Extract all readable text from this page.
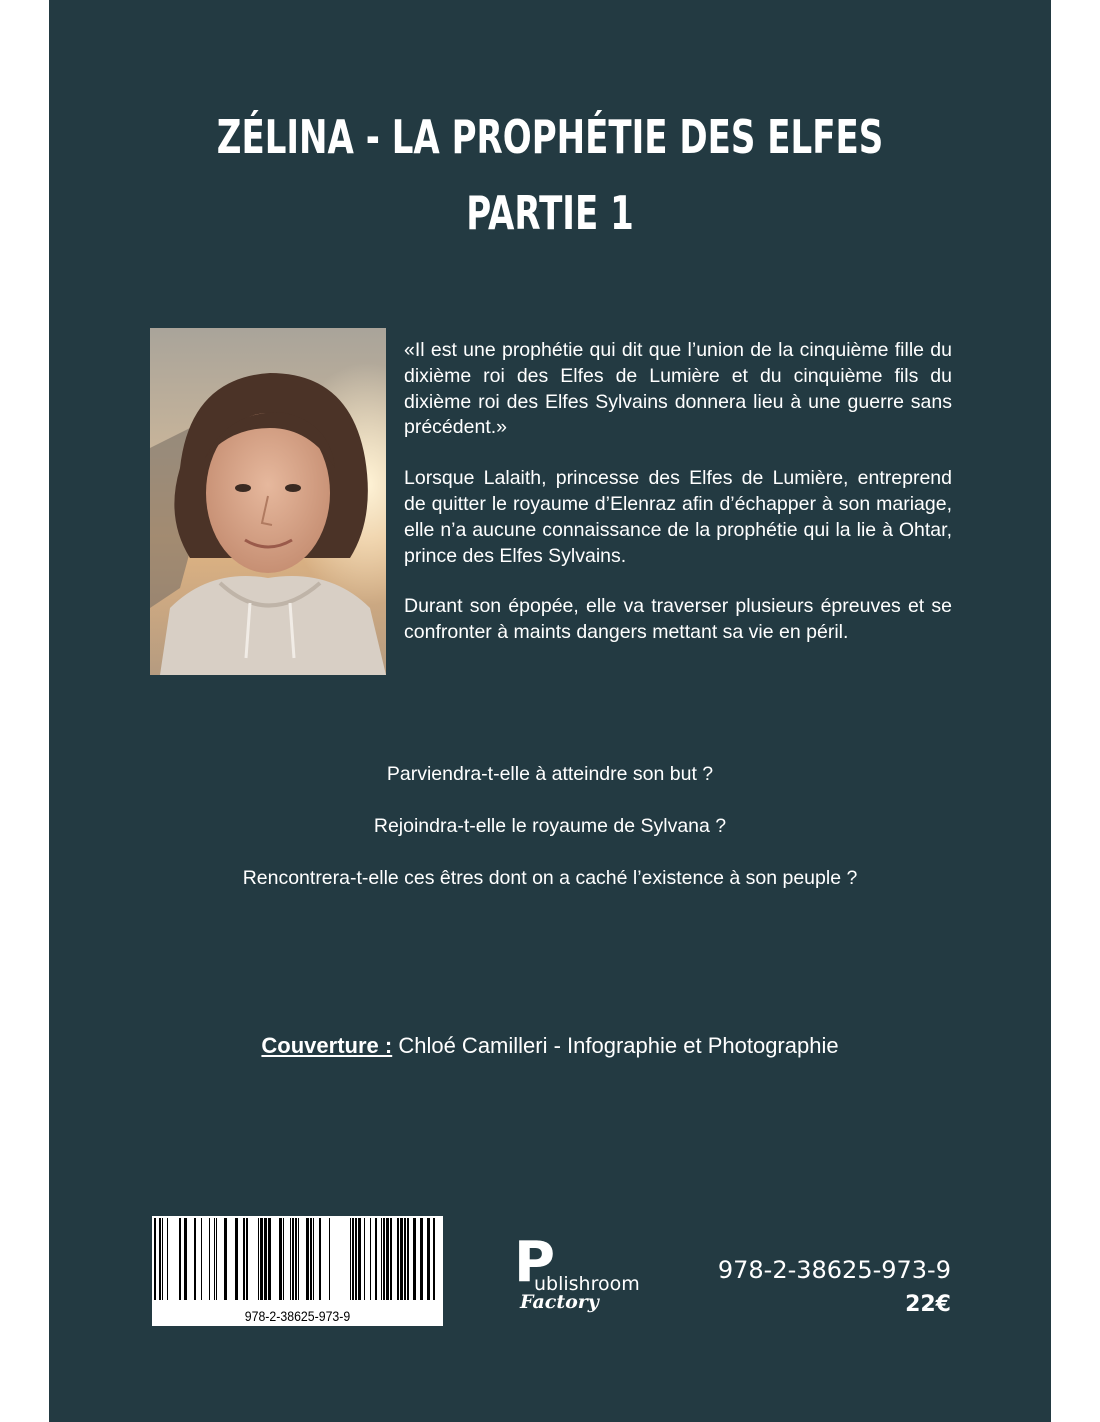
ZÉLINA - LA PROPHÉTIE DES ELFES
PARTIE 1

«Il est une prophétie qui dit que l’union de la cinquième fille du dixième roi des Elfes de Lumière et du cinquième fils du dixième roi des Elfes Sylvains donnera lieu à une guerre sans précédent.»

Lorsque Lalaith, princesse des Elfes de Lumière, entreprend de quitter le royaume d’Elenraz afin d’échapper à son mariage, elle n’a aucune connaissance de la prophétie qui la lie à Ohtar, prince des Elfes Sylvains.

Durant son épopée, elle va traverser plusieurs épreuves et se confronter à maints dangers mettant sa vie en péril.

Parviendra-t-elle à atteindre son but ?

Rejoindra-t-elle le royaume de Sylvana ?

Rencontrera-t-elle ces êtres dont on a caché l’existence à son peuple ?

Couverture : Chloé Camilleri - Infographie et Photographie
978-2-38625-973-9
P
ublishroom
Factory
978-2-38625-973-9
22€
